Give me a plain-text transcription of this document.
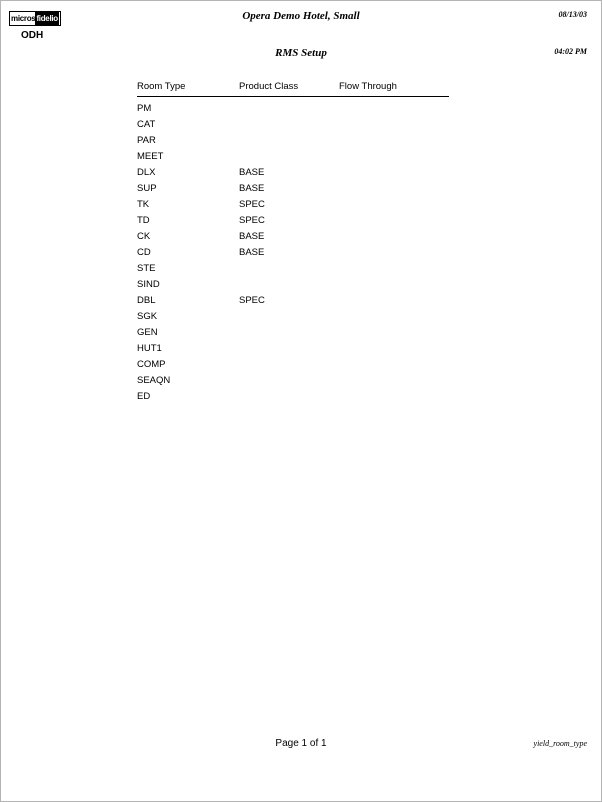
micros fidelio
ODH
Opera Demo Hotel, Small	08/13/03
RMS Setup	04:02 PM
Room Type	Product Class	Flow Through
PM
CAT
PAR
MEET
DLX	BASE
SUP	BASE
TK	SPEC
TD	SPEC
CK	BASE
CD	BASE
STE
SIND
DBL	SPEC
SGK
GEN
HUT1
COMP
SEAQN
ED
Page 1 of 1	yield_room_type
